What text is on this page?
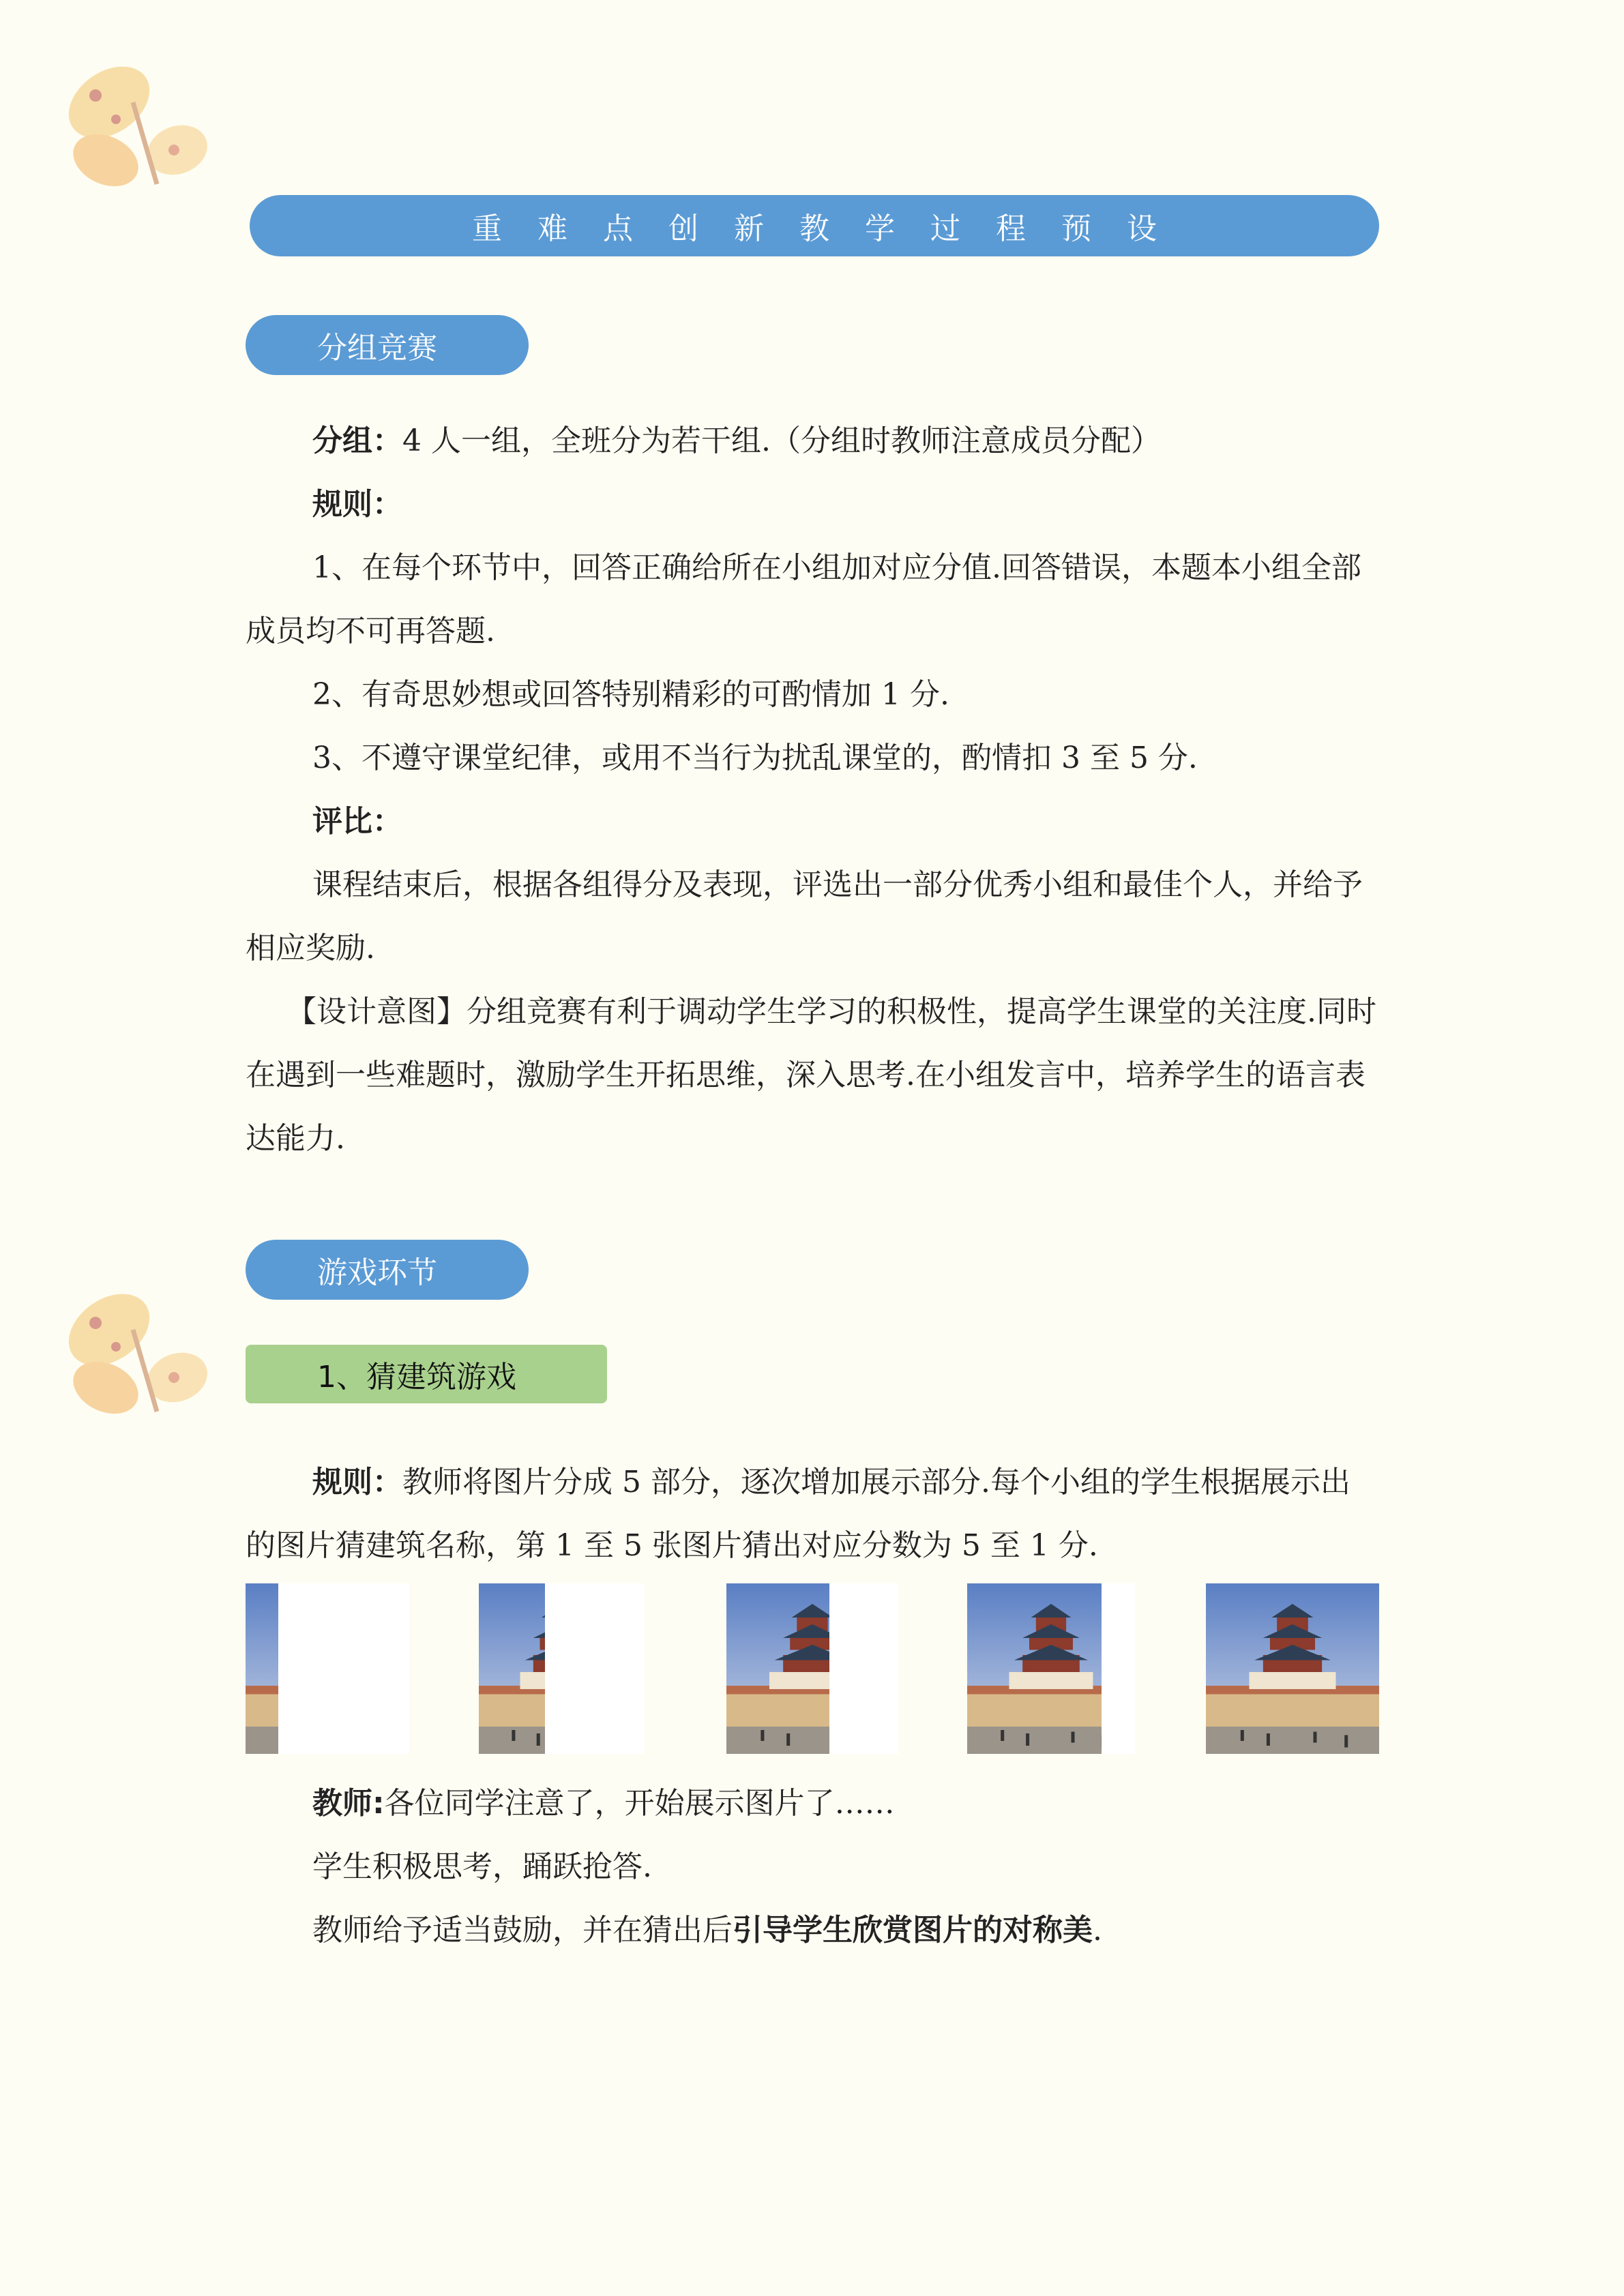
重难点创新教学过程预设
分组竞赛
分组：4 人一组，全班分为若干组.（分组时教师注意成员分配）
规则：
1、在每个环节中，回答正确给所在小组加对应分值.回答错误，本题本小组全部成员均不可再答题.
2、有奇思妙想或回答特别精彩的可酌情加 1 分.
3、不遵守课堂纪律，或用不当行为扰乱课堂的，酌情扣 3 至 5 分.
评比：
课程结束后，根据各组得分及表现，评选出一部分优秀小组和最佳个人，并给予相应奖励.
【设计意图】分组竞赛有利于调动学生学习的积极性，提高学生课堂的关注度.同时在遇到一些难题时，激励学生开拓思维，深入思考.在小组发言中，培养学生的语言表达能力.
游戏环节
1、猜建筑游戏
规则：教师将图片分成 5 部分，逐次增加展示部分.每个小组的学生根据展示出的图片猜建筑名称，第 1 至 5 张图片猜出对应分数为 5 至 1 分.
教师:各位同学注意了，开始展示图片了……
学生积极思考，踊跃抢答.
教师给予适当鼓励，并在猜出后引导学生欣赏图片的对称美.
